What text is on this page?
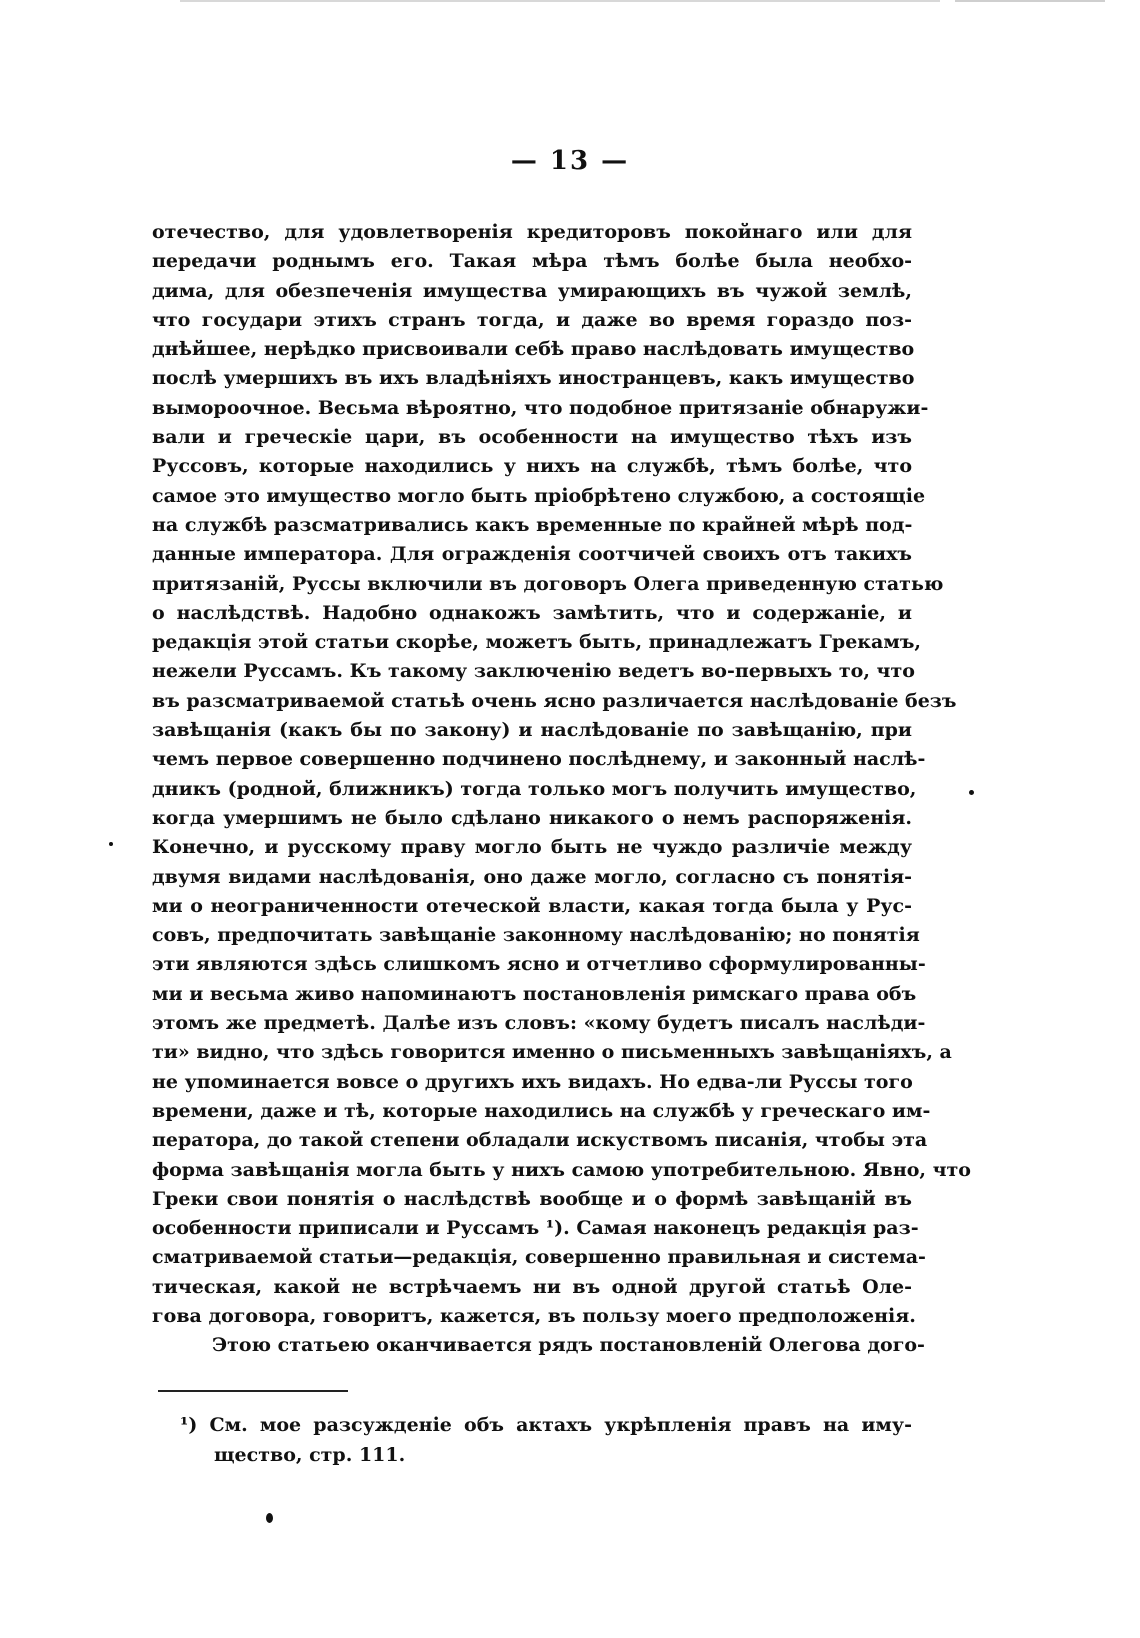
— 13 —
отечество, для удовлетворенія кредиторовъ покойнаго или для
передачи роднымъ его. Такая мѣра тѣмъ болѣе была необхо-
дима, для обезпеченія имущества умирающихъ въ чужой землѣ,
что государи этихъ странъ тогда, и даже во время гораздо поз-
днѣйшее, нерѣдко присвоивали себѣ право наслѣдовать имущество
послѣ умершихъ въ ихъ владѣніяхъ иностранцевъ, какъ имущество
вымороочное. Весьма вѣроятно, что подобное притязаніе обнаружи-
вали и греческіе цари, въ особенности на имущество тѣхъ изъ
Руссовъ, которые находились у нихъ на службѣ, тѣмъ болѣе, что
самое это имущество могло быть пріобрѣтено службою, а состоящіе
на службѣ разсматривались какъ временные по крайней мѣрѣ под-
данные императора. Для огражденія соотчичей своихъ отъ такихъ
притязаній, Руссы включили въ договоръ Олега приведенную статью
о наслѣдствѣ. Надобно однакожъ замѣтить, что и содержаніе, и
редакція этой статьи скорѣе, можетъ быть, принадлежатъ Грекамъ,
нежели Руссамъ. Къ такому заключенію ведетъ во-первыхъ то, что
въ разсматриваемой статьѣ очень ясно различается наслѣдованіе безъ
завѣщанія (какъ бы по закону) и наслѣдованіе по завѣщанію, при
чемъ первое совершенно подчинено послѣднему, и законный наслѣ-
дникъ (родной, ближникъ) тогда только могъ получить имущество,
когда умершимъ не было сдѣлано никакого о немъ распоряженія.
Конечно, и русскому праву могло быть не чуждо различіе между
двумя видами наслѣдованія, оно даже могло, согласно съ понятія-
ми о неограниченности отеческой власти, какая тогда была у Рус-
совъ, предпочитать завѣщаніе законному наслѣдованію; но понятія
эти являются здѣсь слишкомъ ясно и отчетливо сформулированны-
ми и весьма живо напоминаютъ постановленія римскаго права объ
этомъ же предметѣ. Далѣе изъ словъ: «кому будетъ писалъ наслѣди-
ти» видно, что здѣсь говорится именно о письменныхъ завѣщаніяхъ, а
не упоминается вовсе о другихъ ихъ видахъ. Но едва-ли Руссы того
времени, даже и тѣ, которые находились на службѣ у греческаго им-
ператора, до такой степени обладали искуствомъ писанія, чтобы эта
форма завѣщанія могла быть у нихъ самою употребительною. Явно, что
Греки свои понятія о наслѣдствѣ вообще и о формѣ завѣщаній въ
особенности приписали и Руссамъ ¹). Самая наконецъ редакція раз-
сматриваемой статьи—редакція, совершенно правильная и система-
тическая, какой не встрѣчаемъ ни въ одной другой статьѣ Оле-
гова договора, говоритъ, кажется, въ пользу моего предположенія.
Этою статьею оканчивается рядъ постановленій Олегова дого-
¹) См. мое разсужденіе объ актахъ укрѣпленія правъ на иму-
щество, стр. 111.
